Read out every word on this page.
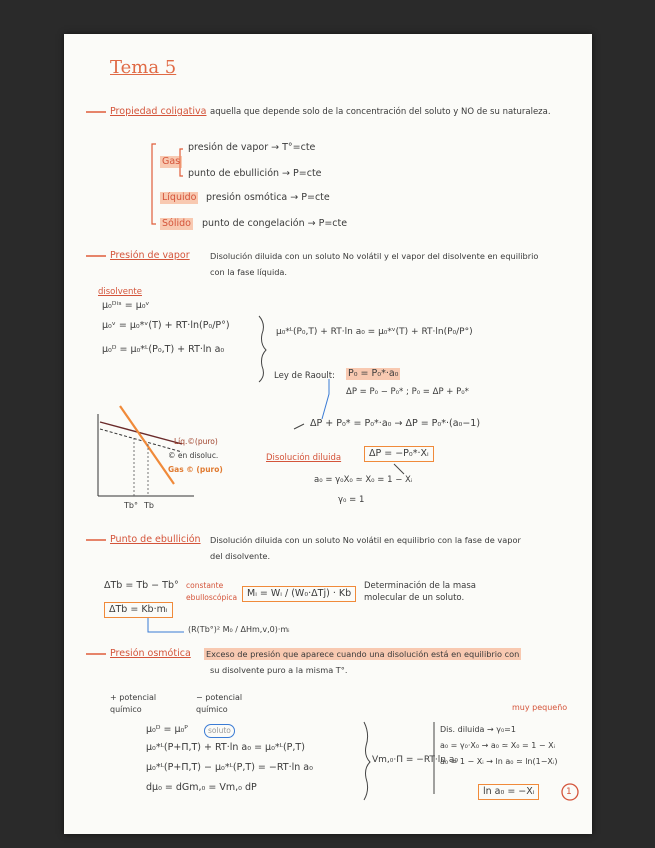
Tema 5
Propiedad coligativa aquella que depende solo de la concentración del soluto y NO de su naturaleza.
Gas
presión de vapor → T°=cte
punto de ebullición → P=cte
Líquido presión osmótica → P=cte
Sólido punto de congelación → P=cte
Presión de vapor Disolución diluida con un soluto No volátil y el vapor del disolvente en equilibrio
con la fase líquida.
disolvente
μ₀ᴰⁱˢ = μ₀ᵛ
μ₀ᵛ = μ₀*ᵛ(T) + RT·ln(P₀/P°)
μ₀ᴰ = μ₀*ᴸ(P₀,T) + RT·ln a₀
μ₀*ᴸ(P₀,T) + RT·ln a₀ = μ₀*ᵛ(T) + RT·ln(P₀/P°)
Ley de Raoult: P₀ = P₀*·a₀
ΔP = P₀ − P₀* ; P₀ = ΔP + P₀*
ΔP + P₀* = P₀*·a₀ → ΔP = P₀*·(a₀−1)
Disolución diluida	ΔP = −P₀*·Xᵢ
a₀ = γ₀X₀ ≃ X₀ = 1 − Xᵢ
γ₀ = 1
Líq.©(puro)
© en disoluc.
Gas © (puro)
Tb° Tb
Punto de ebullición Disolución diluida con un soluto No volátil en equilibrio con la fase de vapor
del disolvente.
ΔTb = Tb − Tb° constante ebulloscópica
ΔTb = Kb·mᵢ
Mᵢ = Wᵢ / (W₀·ΔTj) · Kb
Determinación de la masa molecular de un soluto.
(R(Tb°)² M₀ / ΔHm,v,0)·mᵢ
Presión osmótica Exceso de presión que aparece cuando una disolución está en equilibrio con
su disolvente puro a la misma T°.
+ potencial químico
− potencial químico
μ₀ᴰ = μ₀ᴾ	soluto
μ₀*ᴸ(P+Π,T) + RT·ln a₀ = μ₀*ᴸ(P,T)
μ₀*ᴸ(P+Π,T) − μ₀*ᴸ(P,T) = −RT·ln a₀
dμ₀ = dGm,₀ = Vm,₀ dP
Vm,₀·Π = −RT·ln a₀
muy pequeño
Dis. diluida → γ₀=1
a₀ = γ₀·X₀ → a₀ ≃ X₀ = 1 − Xᵢ
a₀ = 1 − Xᵢ → ln a₀ ≃ ln(1−Xᵢ)
ln a₀ = −Xᵢ	1
